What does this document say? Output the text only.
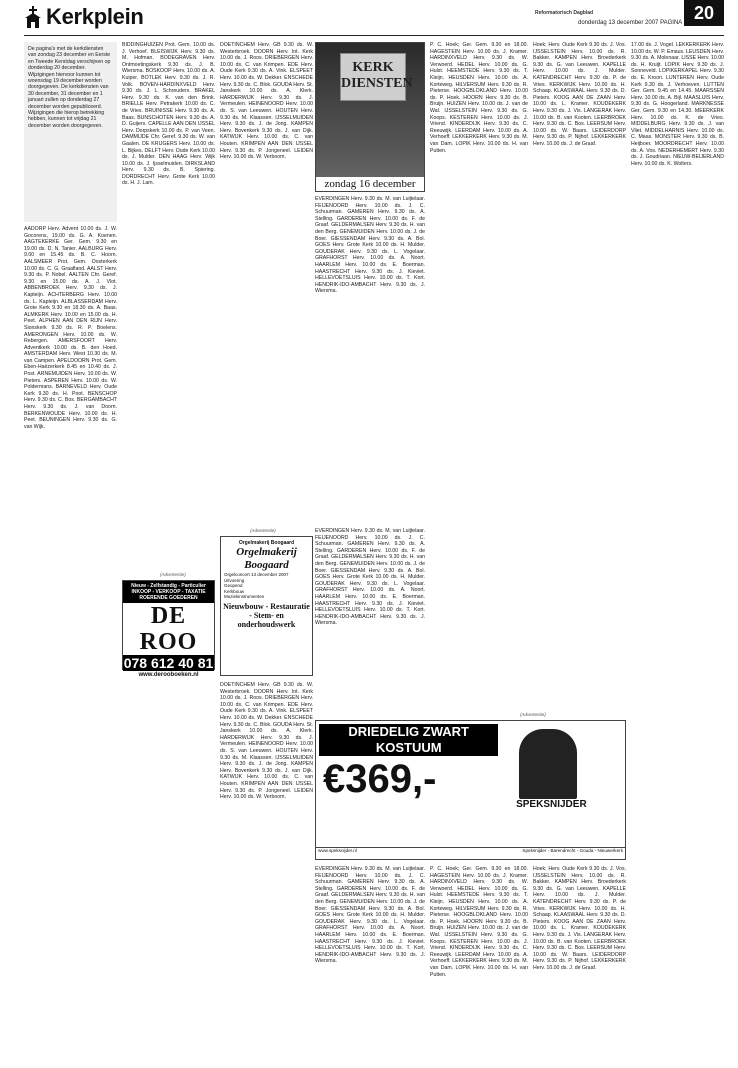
Kerkplein	Reformatorisch Dagblad
donderdag 13 december 2007 PAGINA
20
De pagina's met de kerkdiensten van zondag 23 december en Eerste en Tweede Kerstdag verschijnen op donderdag 20 december. Wijzigingen hiervoor kunnen tot woensdag 19 december worden doorgegeven. De kerkdiensten van 30 december, 31 december en 1 januari zullen op donderdag 27 december worden gepubliceerd. Wijzigingen die hierop betrekking hebben, kunnen tot vrijdag 21 december worden doorgegeven.
AADORP Herv. Advent 10.00 ds. J. W. Gocorens, 19.00 ds. G. A. Koenen. AAGTEKERKE Ger. Gem. 9.30 en 19.00 ds. D. N. Tanier. AALBURG Herv. 9.00 en 15.45 ds. B. C. Hoorn. AALSMEER Prot. Gem. Oosterkerk 10.00 ds. C. G. Graafland. AALST Herv. 9.30 ds. P. Nobel. AALTEN Chr. Geref. 9.30 en 15.00 ds. A. J. Vlot. ABBENBROEK Herv. 9.30 ds. J. Kapteijn. ACHTERBERG Herv. 10.00 ds. L. Kapteijn. ALBLASSERDAM Herv. Grote Kerk 9.30 en 18.30 ds. A. Baas. ALMKERK Herv. 10.00 en 15.00 ds. H. Peet. ALPHEN AAN DEN RIJN Herv. Sionskerk 9.30 ds. R. P. Boelens. AMERONGEN Herv. 10.00 ds. W. Rebergen. AMERSFOORT Herv. Adventkerk 10.00 ds. B. den Hoed. AMSTERDAM Herv. West 10.30 ds. M. van Campen. APELDOORN Prot. Gem. Eben-Haëzerkerk 8.45 en 10.40 ds. J. Post. ARNEMUIDEN Herv. 10.00 ds. W. Pieters. ASPEREN Herv. 10.00 ds. W. Poldermans. BARNEVELD Herv. Oude Kerk 9.30 ds. H. Poot. BENSCHOP Herv. 9.30 ds. C. Bos. BERGAMBACHT Herv. 9.30 ds. J. van Doorn. BERKENWOUDE Herv. 10.00 ds. H. Peet. BEUNINGEN Herv. 9.30 ds. G. van Wijk.
BIDDINGHUIZEN Prot. Gem. 10.00 ds. J. Verhoef. BLEISWIJK Herv. 9.30 ds. M. Hofman. BODEGRAVEN Herv. Ontmoetingskerk 9.30 ds. J. B. Wiersma. BOSKOOP Herv. 10.00 ds. A. Kuiper. BOTLEK Herv. 9.30 ds. J. R. Volk. BOVEN-HARDINXVELD Herv. 9.30 ds. J. L. Schreuders. BRAKEL Herv. 9.30 ds. K. van den Brink. BRIELLE Herv. Petrakerk 10.00 ds. C. de Vries. BRUINISSE Herv. 9.30 ds. A. Baas. BUNSCHOTEN Herv. 9.30 ds. A. D. Guijers. CAPELLE AAN DEN IJSSEL Herv. Dorpskerk 10.00 ds. P. van Veen. DAMMIJDE Chr. Geref. 9.30 ds. W. van Gaalen. DE KRIJGERS Herv. 10.00 ds. L. Bijkes. DELFT Herv. Oude Kerk 10.00 ds. J. Mulder. DEN HAAG Herv. Wijk 10.00 ds. J. Ijsselmuiden. DIRKSLAND Herv. 9.30 ds. B. Spiering. DORDRECHT Herv. Grote Kerk 10.00 ds. H. J. Lam.
DOETINCHEM Herv. GB 9.30 ds. W. Westerbroek. DOORN Herv. Int. Kerk 10.00 ds. J. Roos. DRIEBERGEN Herv. 10.00 ds. C. van Krimpen. EDE Herv. Oude Kerk 9.30 ds. A. Vink. ELSPEET Herv. 10.00 ds. W. Dekker. ENSCHEDE Herv. 9.30 ds. C. Blok. GOUDA Herv. St. Janskerk 10.00 ds. A. Klerk. HARDERWIJK Herv. 9.30 ds. J. Vermeulen. HEINENOORD Herv. 10.00 ds. S. van Leeuwen. HOUTEN Herv. 9.30 ds. M. Klaassen. IJSSELMUIDEN Herv. 9.30 ds. J. de Jong. KAMPEN Herv. Bovenkerk 9.30 ds. J. van Dijk. KATWIJK Herv. 10.00 ds. C. van Houten. KRIMPEN AAN DEN IJSSEL Herv. 9.30 ds. P. Jongeneel. LEIDEN Herv. 10.00 ds. W. Verboom.
(Advertentie)
Nieuw - Zelfstandig - Particulier INKOOP - VERKOOP - TAXATIE ROERENDE GOEDEREN
DE ROO
078 612 40 81
www.derooboeken.nl
KERK
DIENSTEN
zondag 16 december
EVERDINGEN Herv. 9.30 ds. M. van Luijtelaar. FEIJENOORD Herv. 10.00 ds. J. C. Schuurman. GAMEREN Herv. 9.30 ds. A. Stelling. GARDEREN Herv. 10.00 ds. F. de Graaf. GELDERMALSEN Herv. 9.30 ds. H. van den Berg. GENEMUIDEN Herv. 10.00 ds. J. de Boer. GIESSENDAM Herv. 9.30 ds. A. Bol. GOES Herv. Grote Kerk 10.00 ds. H. Mulder. GOUDERAK Herv. 9.30 ds. L. Vogelaar. GRAFHORST Herv. 10.00 ds. A. Noort. HAARLEM Herv. 10.00 ds. E. Boerman. HAASTRECHT Herv. 9.30 ds. J. Kieviet. HELLEVOETSLUIS Herv. 10.00 ds. T. Kort. HENDRIK-IDO-AMBACHT Herv. 9.30 ds. J. Wiersma.
(Advertentie)
Orgelmakerij Boogaard
Orgelmakerij Boogaard
Orgelconcert 13 december 2007
Uitvoering
Geopend
Kerkbouw
Muziekinstrumenten
Nieuwbouw - Restauratie - Stem- en onderhoudswerk
DOETINCHEM Herv. GB 9.30 ds. W. Westerbroek. DOORN Herv. Int. Kerk 10.00 ds. J. Roos. DRIEBERGEN Herv. 10.00 ds. C. van Krimpen. EDE Herv. Oude Kerk 9.30 ds. A. Vink. ELSPEET Herv. 10.00 ds. W. Dekker. ENSCHEDE Herv. 9.30 ds. C. Blok. GOUDA Herv. St. Janskerk 10.00 ds. A. Klerk. HARDERWIJK Herv. 9.30 ds. J. Vermeulen. HEINENOORD Herv. 10.00 ds. S. van Leeuwen. HOUTEN Herv. 9.30 ds. M. Klaassen. IJSSELMUIDEN Herv. 9.30 ds. J. de Jong. KAMPEN Herv. Bovenkerk 9.30 ds. J. van Dijk. KATWIJK Herv. 10.00 ds. C. van Houten. KRIMPEN AAN DEN IJSSEL Herv. 9.30 ds. P. Jongeneel. LEIDEN Herv. 10.00 ds. W. Verboom.
EVERDINGEN Herv. 9.30 ds. M. van Luijtelaar. FEIJENOORD Herv. 10.00 ds. J. C. Schuurman. GAMEREN Herv. 9.30 ds. A. Stelling. GARDEREN Herv. 10.00 ds. F. de Graaf. GELDERMALSEN Herv. 9.30 ds. H. van den Berg. GENEMUIDEN Herv. 10.00 ds. J. de Boer. GIESSENDAM Herv. 9.30 ds. A. Bol. GOES Herv. Grote Kerk 10.00 ds. H. Mulder. GOUDERAK Herv. 9.30 ds. L. Vogelaar. GRAFHORST Herv. 10.00 ds. A. Noort. HAARLEM Herv. 10.00 ds. E. Boerman. HAASTRECHT Herv. 9.30 ds. J. Kieviet. HELLEVOETSLUIS Herv. 10.00 ds. T. Kort. HENDRIK-IDO-AMBACHT Herv. 9.30 ds. J. Wiersma.
P. C. Hoek; Ger. Gem. 9.30 en 18.00. HAGESTEIN Herv. 10.00 ds. J. Kramer. HARDINXVELD Herv. 9.30 ds. W. Verwoerd. HEDEL Herv. 10.00 ds. G. Hulst. HEEMSTEDE Herv. 9.30 ds. T. Kleijn. HEUSDEN Herv. 10.00 ds. A. Korteweg. HILVERSUM Herv. 9.30 ds. R. Pieterse. HOOGBLOKLAND Herv. 10.00 ds. P. Hoek. HOORN Herv. 9.30 ds. B. Bruijn. HUIZEN Herv. 10.00 ds. J. van de Wal. IJSSELSTEIN Herv. 9.30 ds. G. Koops. KESTEREN Herv. 10.00 ds. J. Vriend. KINDERDIJK Herv. 9.30 ds. C. Reeuwijk. LEERDAM Herv. 10.00 ds. A. Verhoeff. LEKKERKERK Herv. 9.30 ds. M. van Dam. LOPIK Herv. 10.00 ds. H. van Putten.
Hoek; Herv. Oude Kerk 9.30 ds. J. Vos. IJSSELSTEIN Herv. 10.00 ds. R. Bakker. KAMPEN Herv. Broederkerk 9.30 ds. G. van Leeuwen. KAPELLE Herv. 10.00 ds. J. Mulder. KATENDRECHT Herv. 9.30 ds. P. de Vries. KERKWIJK Herv. 10.00 ds. H. Schaap. KLAASWAAL Herv. 9.30 ds. D. Pieters. KOOG AAN DE ZAAN Herv. 10.00 ds. L. Kramer. KOUDEKERK Herv. 9.30 ds. J. Vis. LANGERAK Herv. 10.00 ds. B. van Kooten. LEERBROEK Herv. 9.30 ds. C. Bos. LEERSUM Herv. 10.00 ds. W. Baars. LEIDERDORP Herv. 9.30 ds. P. Nijhof. LEKKERKERK Herv. 10.00 ds. J. de Graaf.
17.00 ds. J. Vogel. LEKKERKERK Herv. 10.00 ds. W. P. Emaus. LEUSDEN Herv. 9.30 ds. A. Molenaar. LISSE Herv. 10.00 ds. H. Kruijt. LOPIK Herv. 9.30 ds. J. Sonneveld. LOPIKERKAPEL Herv. 9.30 ds. E. Kroon. LUNTEREN Herv. Oude Kerk 9.30 ds. J. Verhoeven. LUTTEN Ger. Gem. 9.45 en 14.45. MAARSSEN Herv. 10.00 ds. A. Bijl. MAASLUIS Herv. 9.30 ds. G. Hoogerland. MARKNESSE Ger. Gem. 9.30 en 14.30. MEERKERK Herv. 10.00 ds. K. de Vries. MIDDELBURG Herv. 9.30 ds. J. van Vliet. MIDDELHARNIS Herv. 10.00 ds. C. Maas. MONSTER Herv. 9.30 ds. B. Heijboer. MOORDRECHT Herv. 10.00 ds. A. Vos. NEDERHEMERT Herv. 9.30 ds. J. Goudriaan. NIEUW-BEIJERLAND Herv. 10.00 ds. K. Wolters.
(Advertentie)
DRIEDELIG ZWART KOSTUUM
€369,-
SPEKSNIJDER
www.speksnijder.nl	Speksnijder - Barendrecht - Gouda - Nieuwerkerk
EVERDINGEN Herv. 9.30 ds. M. van Luijtelaar. FEIJENOORD Herv. 10.00 ds. J. C. Schuurman. GAMEREN Herv. 9.30 ds. A. Stelling. GARDEREN Herv. 10.00 ds. F. de Graaf. GELDERMALSEN Herv. 9.30 ds. H. van den Berg. GENEMUIDEN Herv. 10.00 ds. J. de Boer. GIESSENDAM Herv. 9.30 ds. A. Bol. GOES Herv. Grote Kerk 10.00 ds. H. Mulder. GOUDERAK Herv. 9.30 ds. L. Vogelaar. GRAFHORST Herv. 10.00 ds. A. Noort. HAARLEM Herv. 10.00 ds. E. Boerman. HAASTRECHT Herv. 9.30 ds. J. Kieviet. HELLEVOETSLUIS Herv. 10.00 ds. T. Kort. HENDRIK-IDO-AMBACHT Herv. 9.30 ds. J. Wiersma.
P. C. Hoek; Ger. Gem. 9.30 en 18.00. HAGESTEIN Herv. 10.00 ds. J. Kramer. HARDINXVELD Herv. 9.30 ds. W. Verwoerd. HEDEL Herv. 10.00 ds. G. Hulst. HEEMSTEDE Herv. 9.30 ds. T. Kleijn. HEUSDEN Herv. 10.00 ds. A. Korteweg. HILVERSUM Herv. 9.30 ds. R. Pieterse. HOOGBLOKLAND Herv. 10.00 ds. P. Hoek. HOORN Herv. 9.30 ds. B. Bruijn. HUIZEN Herv. 10.00 ds. J. van de Wal. IJSSELSTEIN Herv. 9.30 ds. G. Koops. KESTEREN Herv. 10.00 ds. J. Vriend. KINDERDIJK Herv. 9.30 ds. C. Reeuwijk. LEERDAM Herv. 10.00 ds. A. Verhoeff. LEKKERKERK Herv. 9.30 ds. M. van Dam. LOPIK Herv. 10.00 ds. H. van Putten.
Hoek; Herv. Oude Kerk 9.30 ds. J. Vos. IJSSELSTEIN Herv. 10.00 ds. R. Bakker. KAMPEN Herv. Broederkerk 9.30 ds. G. van Leeuwen. KAPELLE Herv. 10.00 ds. J. Mulder. KATENDRECHT Herv. 9.30 ds. P. de Vries. KERKWIJK Herv. 10.00 ds. H. Schaap. KLAASWAAL Herv. 9.30 ds. D. Pieters. KOOG AAN DE ZAAN Herv. 10.00 ds. L. Kramer. KOUDEKERK Herv. 9.30 ds. J. Vis. LANGERAK Herv. 10.00 ds. B. van Kooten. LEERBROEK Herv. 9.30 ds. C. Bos. LEERSUM Herv. 10.00 ds. W. Baars. LEIDERDORP Herv. 9.30 ds. P. Nijhof. LEKKERKERK Herv. 10.00 ds. J. de Graaf.
